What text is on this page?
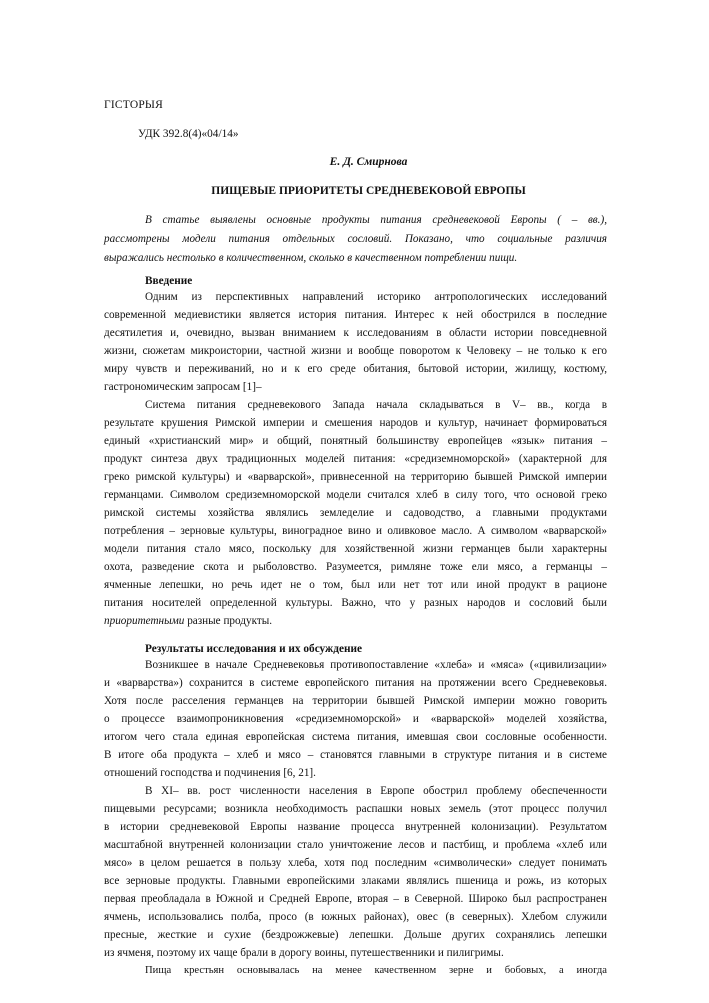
ГІСТОРЫЯ
УДК 392.8(4)«04/14»
Е. Д. Смирнова
ПИЩЕВЫЕ ПРИОРИТЕТЫ СРЕДНЕВЕКОВОЙ ЕВРОПЫ
В статье выявлены основные продукты питания средневековой Европы ( – вв.),
рассмотрены модели питания отдельных сословий. Показано, что социальные различия
выражались нестолько в количественном, сколько в качественном потреблении пищи.
Введение
Одним из перспективных направлений историко антропологических исследований
современной медиевистики является история питания. Интерес к ней обострился в последние
десятилетия и, очевидно, вызван вниманием к исследованиям в области истории повседневной
жизни, сюжетам микроистории, частной жизни и вообще поворотом к Человеку – не только к его
миру чувств и переживаний, но и к его среде обитания, бытовой истории, жилищу, костюму,
гастрономическим запросам [1]–
Система питания средневекового Запада начала складываться в V– вв., когда в
результате крушения Римской империи и смешения народов и культур, начинает формироваться
единый «христианский мир» и общий, понятный большинству европейцев «язык» питания –
продукт синтеза двух традиционных моделей питания: «средиземноморской» (характерной для
греко римской культуры) и «варварской», привнесенной на территорию бывшей Римской империи
германцами. Символом средиземноморской модели считался хлеб в силу того, что основой греко
римской системы хозяйства являлись земледелие и садоводство, а главными продуктами
потребления – зерновые культуры, виноградное вино и оливковое масло. А символом «варварской»
модели питания стало мясо, поскольку для хозяйственной жизни германцев были характерны
охота, разведение скота и рыболовство. Разумеется, римляне тоже ели мясо, а германцы –
ячменные лепешки, но речь идет не о том, был или нет тот или иной продукт в рационе
питания носителей определенной культуры. Важно, что у разных народов и сословий были
приоритетными разные продукты.
Результаты исследования и их обсуждение
Возникшее в начале Средневековья противопоставление «хлеба» и «мяса» («цивилизации»
и «варварства») сохранится в системе европейского питания на протяжении всего Средневековья.
Хотя после расселения германцев на территории бывшей Римской империи можно говорить
о процессе взаимопроникновения «средиземноморской» и «варварской» моделей хозяйства,
итогом чего стала единая европейская система питания, имевшая свои сословные особенности.
В итоге оба продукта – хлеб и мясо – становятся главными в структуре питания и в системе
отношений господства и подчинения [6, 21].
В XI– вв. рост численности населения в Европе обострил проблему обеспеченности
пищевыми ресурсами; возникла необходимость распашки новых земель (этот процесс получил
в истории средневековой Европы название процесса внутренней колонизации). Результатом
масштабной внутренней колонизации стало уничтожение лесов и пастбищ, и проблема «хлеб или
мясо» в целом решается в пользу хлеба, хотя под последним «символически» следует понимать
все зерновые продукты. Главными европейскими злаками являлись пшеница и рожь, из которых
первая преобладала в Южной и Средней Европе, вторая – в Северной. Широко был распространен
ячмень, использовались полба, просо (в южных районах), овес (в северных). Хлебом служили
пресные, жесткие и сухие (бездрожжевые) лепешки. Дольше других сохранялись лепешки
из ячменя, поэтому их чаще брали в дорогу воины, путешественники и пилигримы.
Пища крестьян основывалась на менее качественном зерне и бобовых, а иногда
